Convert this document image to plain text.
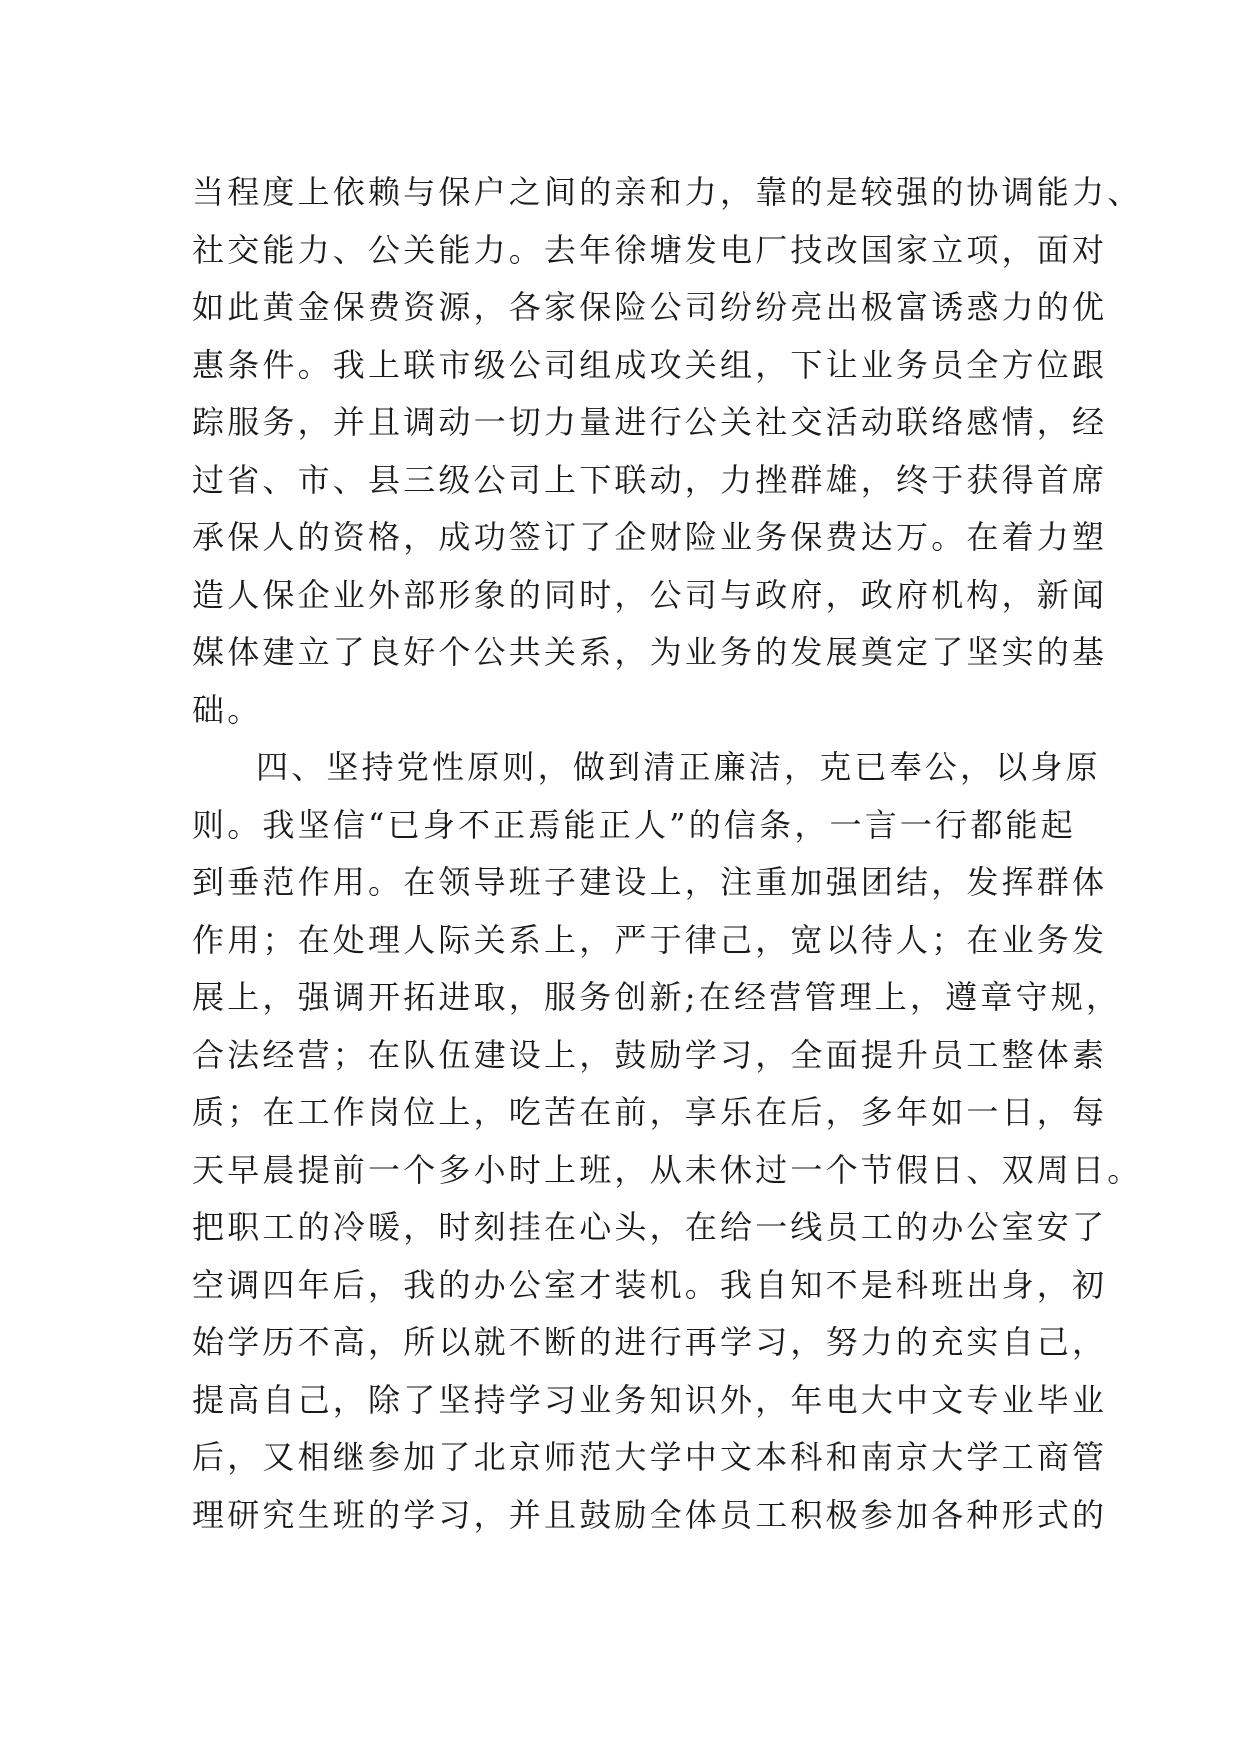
当程度上依赖与保户之间的亲和力，靠的是较强的协调能力、
社交能力、公关能力。去年徐塘发电厂技改国家立项，面对
如此黄金保费资源，各家保险公司纷纷亮出极富诱惑力的优
惠条件。我上联市级公司组成攻关组，下让业务员全方位跟
踪服务，并且调动一切力量进行公关社交活动联络感情，经
过省、市、县三级公司上下联动，力挫群雄，终于获得首席
承保人的资格，成功签订了企财险业务保费达万。在着力塑
造人保企业外部形象的同时，公司与政府，政府机构，新闻
媒体建立了良好个公共关系，为业务的发展奠定了坚实的基
础。
四、坚持党性原则，做到清正廉洁，克已奉公，以身原
则。我坚信“已身不正焉能正人”的信条，一言一行都能起
到垂范作用。在领导班子建设上，注重加强团结，发挥群体
作用；在处理人际关系上，严于律己，宽以待人；在业务发
展上，强调开拓进取，服务创新;在经营管理上，遵章守规，
合法经营；在队伍建设上，鼓励学习，全面提升员工整体素
质；在工作岗位上，吃苦在前，享乐在后，多年如一日，每
天早晨提前一个多小时上班，从未休过一个节假日、双周日。
把职工的冷暖，时刻挂在心头，在给一线员工的办公室安了
空调四年后，我的办公室才装机。我自知不是科班出身，初
始学历不高，所以就不断的进行再学习，努力的充实自己，
提高自己，除了坚持学习业务知识外，年电大中文专业毕业
后，又相继参加了北京师范大学中文本科和南京大学工商管
理研究生班的学习，并且鼓励全体员工积极参加各种形式的
